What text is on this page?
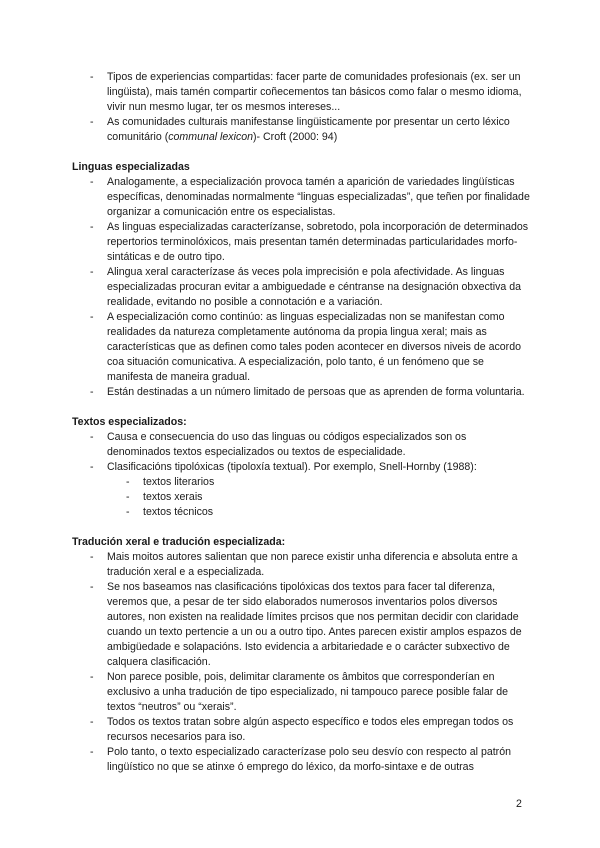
- Tipos de experiencias compartidas: facer parte de comunidades profesionais (ex. ser un lingüista), mais tamén compartir coñecementos tan básicos como falar o mesmo idioma, vivir nun mesmo lugar, ter os mesmos intereses...
- As comunidades culturais manifestanse lingüisticamente por presentar un certo léxico comunitário (communal lexicon)- Croft (2000: 94)

Linguas especializadas

- Analogamente, a especialización provoca tamén a aparición de variedades lingüísticas específicas, denominadas normalmente “linguas especializadas”, que teñen por finalidade organizar a comunicación entre os especialistas.
- As linguas especializadas caracterízanse, sobretodo, pola incorporación de determinados repertorios terminolóxicos, mais presentan tamén determinadas particularidades morfo-sintáticas e de outro tipo.
- Alingua xeral caracterízase ás veces pola imprecisión e pola afectividade. As linguas especializadas procuran evitar a ambiguedade e céntranse na designación obxectiva da realidade, evitando no posible a connotación e a variación.
- A especialización como continúo: as linguas especializadas non se manifestan como realidades da natureza completamente autónoma da propia lingua xeral; mais as características que as definen como tales poden acontecer en diversos niveis de acordo coa situación comunicativa. A especialización, polo tanto, é un fenómeno que se manifesta de maneira gradual.
- Están destinadas a un número limitado de persoas que as aprenden de forma voluntaria.

Textos especializados:

- Causa e consecuencia do uso das linguas ou códigos especializados son os denominados textos especializados ou textos de especialidade.
- Clasificacións tipolóxicas (tipoloxía textual). Por exemplo, Snell-Hornby (1988):
- textos literarios
- textos xerais
- textos técnicos

Tradución xeral e tradución especializada:

- Mais moitos autores salientan que non parece existir unha diferencia e absoluta entre a tradución xeral e a especializada.
- Se nos baseamos nas clasificacións tipolóxicas dos textos para facer tal diferenza, veremos que, a pesar de ter sido elaborados numerosos inventarios polos diversos autores, non existen na realidade límites prcisos que nos permitan decidir con claridade cuando un texto pertencie a un ou a outro tipo. Antes parecen existir amplos espazos de ambigüedade e solapacións. Isto evidencia a arbitariedade e o carácter subxectivo de calquera clasificación.
- Non parece posible, pois, delimitar claramente os âmbitos que corresponderían en exclusivo a unha tradución de tipo especializado, ni tampouco parece posible falar de textos “neutros” ou “xerais”.
- Todos os textos tratan sobre algún aspecto específico e todos eles empregan todos os recursos necesarios para iso.
- Polo tanto, o texto especializado caracterízase polo seu desvío con respecto al patrón lingüístico no que se atinxe ó emprego do léxico, da morfo-sintaxe e de outras
2
